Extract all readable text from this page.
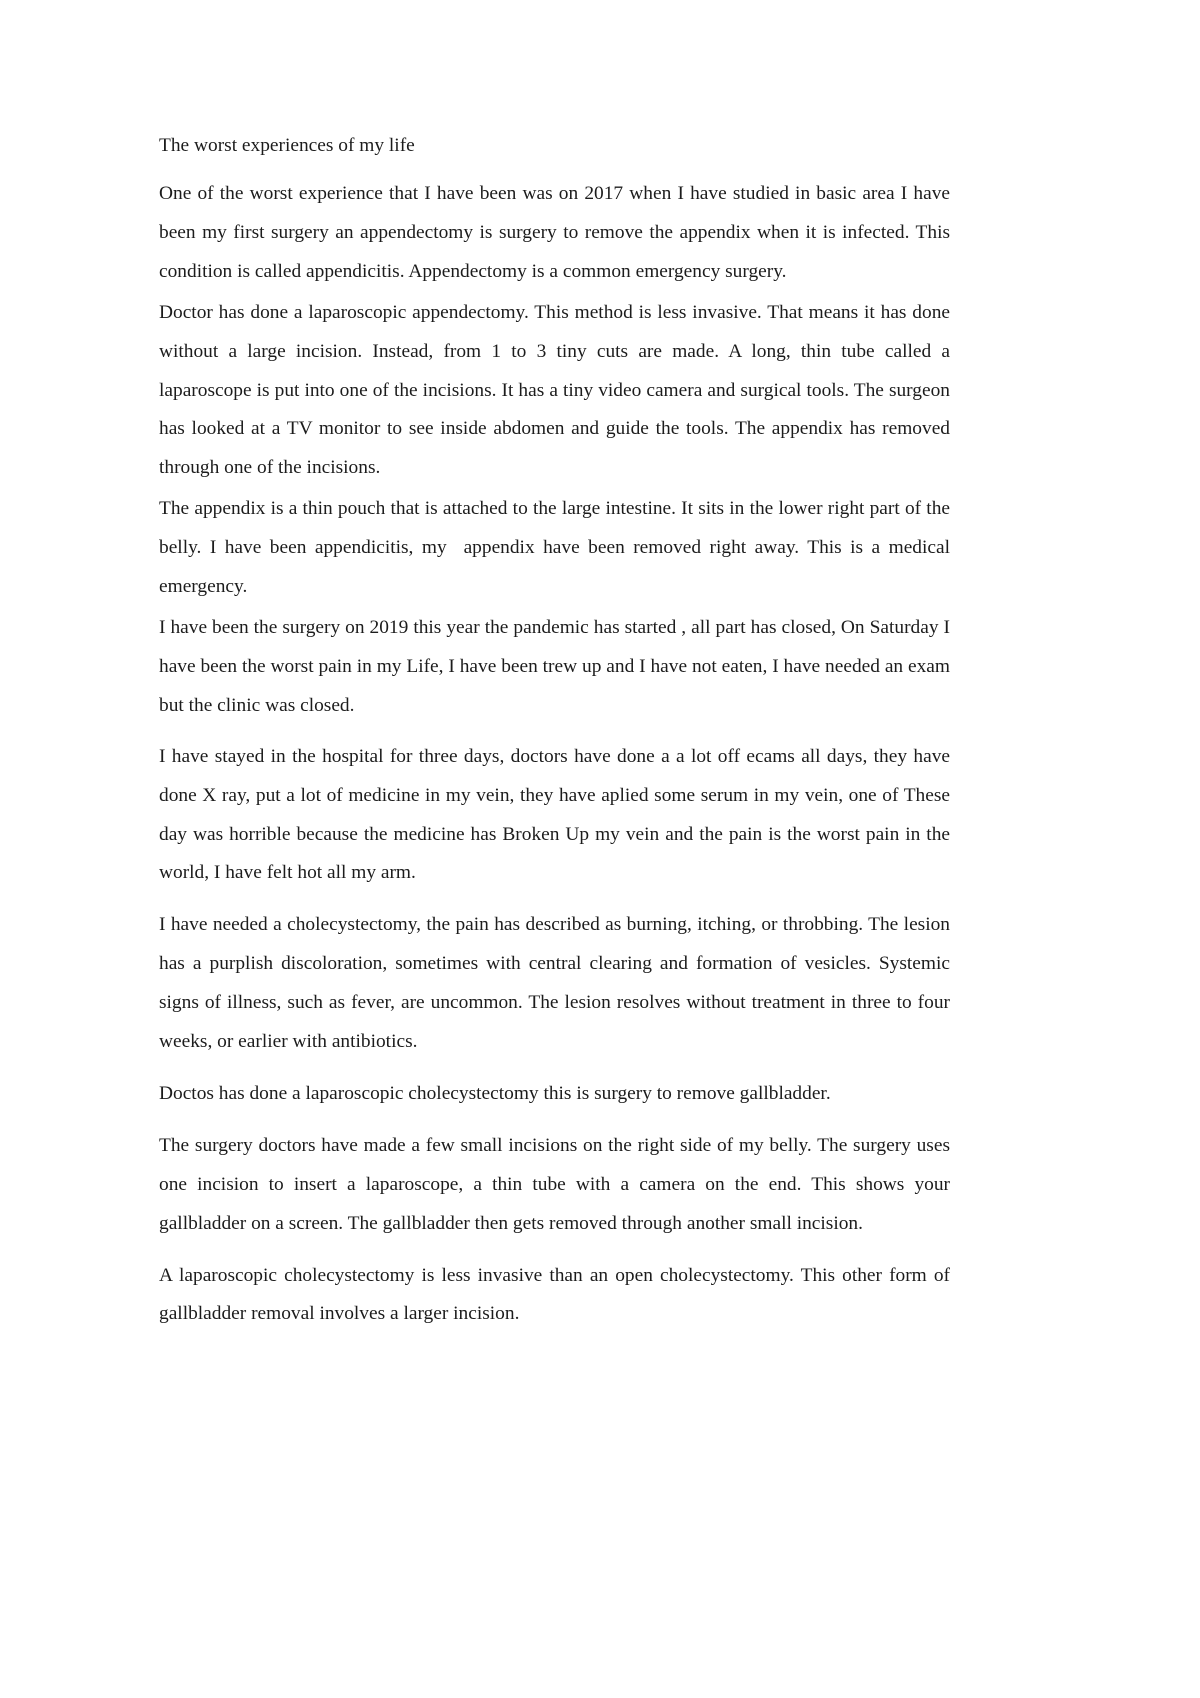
The worst experiences of my life

One of the worst experience that I have been was on 2017 when I have studied in basic area I have been my first surgery an appendectomy is surgery to remove the appendix when it is infected. This condition is called appendicitis. Appendectomy is a common emergency surgery.

Doctor has done a laparoscopic appendectomy. This method is less invasive. That means it has done without a large incision. Instead, from 1 to 3 tiny cuts are made. A long, thin tube called a laparoscope is put into one of the incisions. It has a tiny video camera and surgical tools. The surgeon has looked at a TV monitor to see inside abdomen and guide the tools. The appendix has removed through one of the incisions.

The appendix is a thin pouch that is attached to the large intestine. It sits in the lower right part of the belly. I have been appendicitis, my  appendix have been removed right away. This is a medical emergency.

I have been the surgery on 2019 this year the pandemic has started , all part has closed, On Saturday I have been the worst pain in my Life, I have been trew up and I have not eaten, I have needed an exam but the clinic was closed.

I have stayed in the hospital for three days, doctors have done a a lot off ecams all days, they have done X ray, put a lot of medicine in my vein, they have aplied some serum in my vein, one of These day was horrible because the medicine has Broken Up my vein and the pain is the worst pain in the world, I have felt hot all my arm.

I have needed a cholecystectomy, the pain has described as burning, itching, or throbbing. The lesion has a purplish discoloration, sometimes with central clearing and formation of vesicles. Systemic signs of illness, such as fever, are uncommon. The lesion resolves without treatment in three to four weeks, or earlier with antibiotics.

Doctos has done a laparoscopic cholecystectomy this is surgery to remove gallbladder.

The surgery doctors have made a few small incisions on the right side of my belly. The surgery uses one incision to insert a laparoscope, a thin tube with a camera on the end. This shows your gallbladder on a screen. The gallbladder then gets removed through another small incision.

A laparoscopic cholecystectomy is less invasive than an open cholecystectomy. This other form of gallbladder removal involves a larger incision.
